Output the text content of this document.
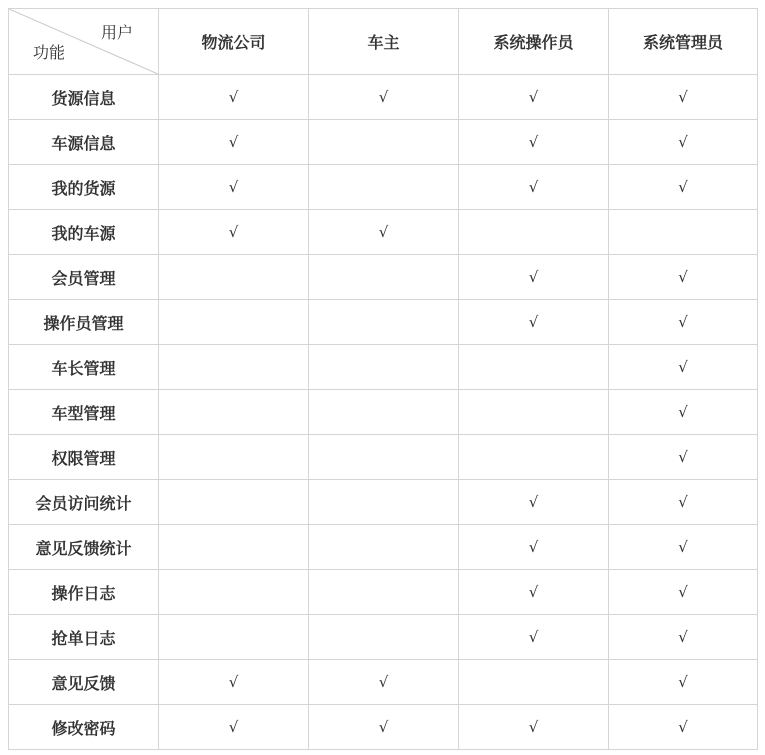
用户
功能	物流公司	车主	系统操作员	系统管理员
货源信息	√	√	√	√
车源信息	√		√	√
我的货源	√		√	√
我的车源	√	√		
会员管理			√	√
操作员管理			√	√
车长管理				√
车型管理				√
权限管理				√
会员访问统计			√	√
意见反馈统计			√	√
操作日志			√	√
抢单日志			√	√
意见反馈	√	√		√
修改密码	√	√	√	√
